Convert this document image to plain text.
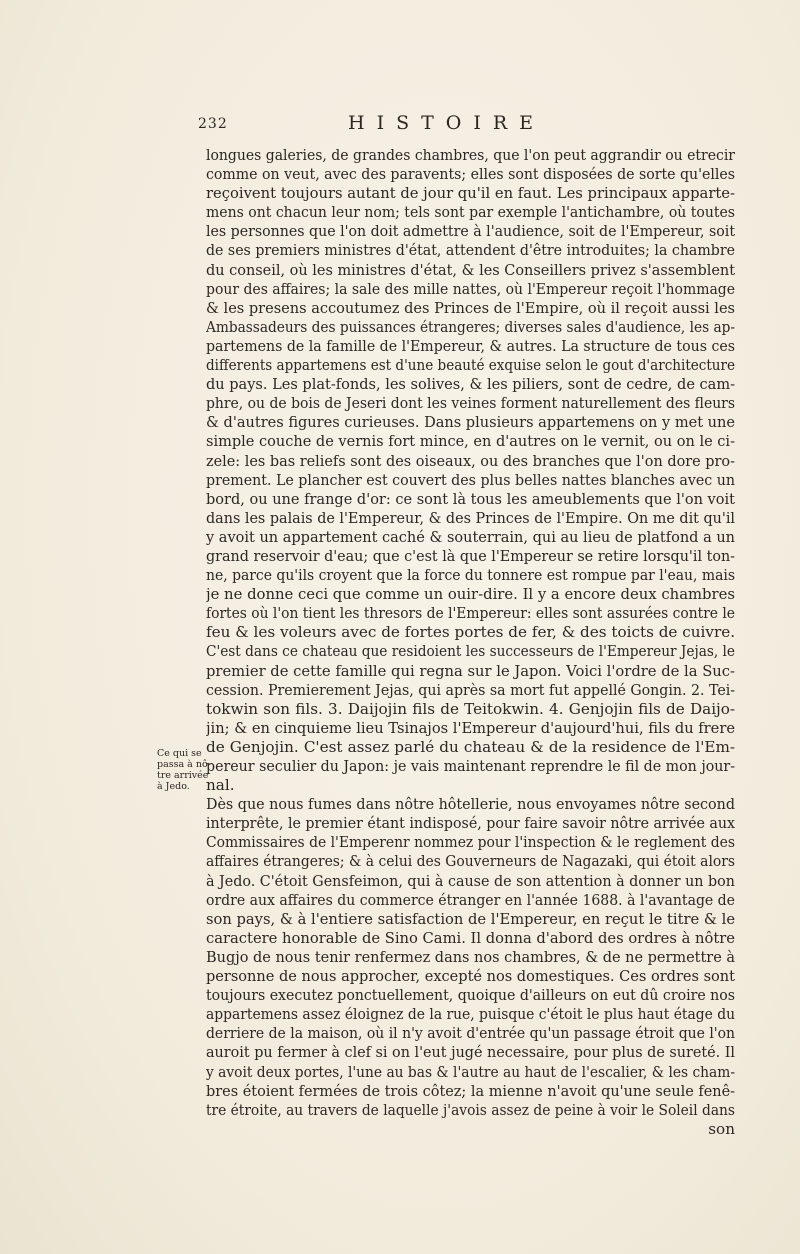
232	HISTOIRE
Ce qui se
passa à nô-
tre arrivée
à Jedo.
longues galeries, de grandes chambres, que l'on peut aggrandir ou etrecir
comme on veut, avec des paravents; elles sont disposées de sorte qu'elles
reçoivent toujours autant de jour qu'il en faut. Les principaux apparte-
mens ont chacun leur nom; tels sont par exemple l'antichambre, où toutes
les personnes que l'on doit admettre à l'audience, soit de l'Empereur, soit
de ses premiers ministres d'état, attendent d'être introduites; la chambre
du conseil, où les ministres d'état, & les Conseillers privez s'assemblent
pour des affaires; la sale des mille nattes, où l'Empereur reçoit l'hommage
& les presens accoutumez des Princes de l'Empire, où il reçoit aussi les
Ambassadeurs des puissances étrangeres; diverses sales d'audience, les ap-
partemens de la famille de l'Empereur, & autres. La structure de tous ces
differents appartemens est d'une beauté exquise selon le gout d'architecture
du pays. Les plat-fonds, les solives, & les piliers, sont de cedre, de cam-
phre, ou de bois de Jeseri dont les veines forment naturellement des fleurs
& d'autres figures curieuses. Dans plusieurs appartemens on y met une
simple couche de vernis fort mince, en d'autres on le vernit, ou on le ci-
zele: les bas reliefs sont des oiseaux, ou des branches que l'on dore pro-
prement. Le plancher est couvert des plus belles nattes blanches avec un
bord, ou une frange d'or: ce sont là tous les ameublements que l'on voit
dans les palais de l'Empereur, & des Princes de l'Empire. On me dit qu'il
y avoit un appartement caché & souterrain, qui au lieu de platfond a un
grand reservoir d'eau; que c'est là que l'Empereur se retire lorsqu'il ton-
ne, parce qu'ils croyent que la force du tonnere est rompue par l'eau, mais
je ne donne ceci que comme un ouir-dire. Il y a encore deux chambres
fortes où l'on tient les thresors de l'Empereur: elles sont assurées contre le
feu & les voleurs avec de fortes portes de fer, & des toicts de cuivre.
C'est dans ce chateau que residoient les successeurs de l'Empereur Jejas, le
premier de cette famille qui regna sur le Japon. Voici l'ordre de la Suc-
cession. Premierement Jejas, qui après sa mort fut appellé Gongin. 2. Tei-
tokwin son fils. 3. Daijojin fils de Teitokwin. 4. Genjojin fils de Daijo-
jin; & en cinquieme lieu Tsinajos l'Empereur d'aujourd'hui, fils du frere
de Genjojin. C'est assez parlé du chateau & de la residence de l'Em-
pereur seculier du Japon: je vais maintenant reprendre le fil de mon jour-
nal.
Dès que nous fumes dans nôtre hôtellerie, nous envoyames nôtre second
interprête, le premier étant indisposé, pour faire savoir nôtre arrivée aux
Commissaires de l'Emperenr nommez pour l'inspection & le reglement des
affaires étrangeres; & à celui des Gouverneurs de Nagazaki, qui étoit alors
à Jedo. C'étoit Gensfeimon, qui à cause de son attention à donner un bon
ordre aux affaires du commerce étranger en l'année 1688. à l'avantage de
son pays, & à l'entiere satisfaction de l'Empereur, en reçut le titre & le
caractere honorable de Sino Cami. Il donna d'abord des ordres à nôtre
Bugjo de nous tenir renfermez dans nos chambres, & de ne permettre à
personne de nous approcher, excepté nos domestiques. Ces ordres sont
toujours executez ponctuellement, quoique d'ailleurs on eut dû croire nos
appartemens assez éloignez de la rue, puisque c'étoit le plus haut étage du
derriere de la maison, où il n'y avoit d'entrée qu'un passage étroit que l'on
auroit pu fermer à clef si on l'eut jugé necessaire, pour plus de sureté. Il
y avoit deux portes, l'une au bas & l'autre au haut de l'escalier, & les cham-
bres étoient fermées de trois côtez; la mienne n'avoit qu'une seule fenê-
tre étroite, au travers de laquelle j'avois assez de peine à voir le Soleil dans
son
